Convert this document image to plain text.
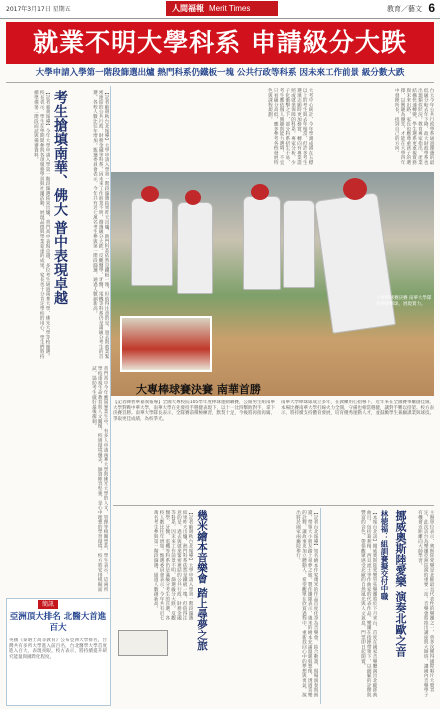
2017年3月17日 星期五	人間福報 Merit Times	教育／藝文 6
就業不明大學科系 申請級分大跌
大學申請入學第一階段篩選出爐 熱門科系仍鐵板一塊 公共行政等科系 因未來工作前景 級分數大跌
考生搶填南華、佛大 普中表現卓越
【記者嘉義報導】今年大學申請入學第一階段篩選結果出爐，普門高中表現卓越，多位考生通過南華大學、佛光大學等校篩選。校長表示，學生在學期間參與各項服務學習與社團活動，展現品德與學業並重的成果，家長也十分肯定學校的用心，學生們將持續準備第二階段面試與備審資料。
普門高中今年應屆畢業生中，有多人申請南華大學與佛光大學的人文、管理等相關學系，學生表示，這兩所學校重視生命教育與人文關懷，校園環境優美，師資陣容堅強，是心中理想的學習環境。校方將安排模擬面試，協助考生做好最後衝刺。
【記者蘇劍秋台北報導】大學申請入學第一階段篩選結果昨天出爐，熱門科系依然是鐵板一塊，但值得注意的是，過去與就業緊密連結的公共行政、財務金融等科系，因未來工作前景不明，篩選級分大跌。反觀醫學、牙醫、電機等科系仍是滿級分考生的首選，各校人數比往年增加。甄選委員會表示，今年共有近七萬名考生參與第一階段篩選，通過人數創新高。	大考中心統計，今年學測成績在五標以上的考生與去年相當，但許多考生選填志願時更加務實，轉向有專業證照或就業保障的科系。專家分析，少子化衝擊之下，部分科系招生不易，考生應依個人興趣與能力選填，不宜只看級分高低，應多參考各校發展特色與課程規劃。	台大今年公共行政學系通過篩選的最低級分較去年下降，政大財政學系也出現類似狀況。教育專家指出，產業結構快速轉變，學生選系更重視實務與未來出路，家長也應尊重孩子的選擇，以興趣為優先，才能在大學四年中發揮所長，找到自己的方向。
大專棒球賽決賽 南華大學隊員揮棒擊球，展現實力。
大專棒球賽決賽 南華首勝
【記者陳智華嘉義報導】全國大專校院105學年度棒球運動聯賽，公開男生組南華大學對戰中華大學，南華大學在先發投手穩健表現下，以十一比四擊敗對手，拿下決賽首勝。南華大學隊長表示，全隊賽前積極練習，默契十足，今後將再接再厲，爭取更佳成績，為校爭光。
南華大學棒球隊成立多年，在教練用心指導下，近年來在全國賽事屢創佳績。本場比賽南華大學打線火力全開，守備也相當穩健，讓對手難以招架。校方表示，將持續支持體育發展，培育優秀運動人才，並鼓勵學生兼顧課業與球技。
挪威奧斯陸愛樂 演奏北歐之音
林徳福：組訓賽擬交付中職
【本報台北訊】挪威奧斯陸愛樂管弦樂團將於下月來台，首度在國家音樂廳演出北歐經典曲目，包括葛利格、西貝流士等作曲家的代表作品。樂團在指揮帶領下，以細膩的詮釋與豐富的音色，帶領觀眾感受北歐的自然風光與人文氣息，門票即日起開賣。	主辦單位表示，奧斯陸愛樂是北歐最具代表性的樂團之一，曾多次獲得國際唱片大獎肯定，此次訪台為樂團亞洲巡演的重要一站。音樂會將推出講座與大師班，讓國內音樂學子有機會近距離向大師學習。
幾米繪本音樂會 踏上尋夢之旅	【記者台北報導】知名繪本作家幾米的作品首度化身為音樂會，結合動畫、現場演奏與朗讀，帶領大小朋友踏上尋夢之旅。製作團隊表示，幾米的繪本充滿溫暖與想像，透過音樂的詮釋，讓故事更加立體動人，希望觀眾在欣賞過程中，重新找回心中的夢想與勇氣，演出將於國家兩廳院舉行。
【記者蘇劍秋台北報導】大學申請入學第一階段篩選結果昨天出爐，熱門科系依然是鐵板一塊，但值得注意的是，過去與就業緊密連結的公共行政、財務金融等科系，因未來工作前景不明，篩選級分大跌。反觀醫學、牙醫、電機等科系仍是滿級分考生的首選，各校人數比往年增加。甄選委員會表示，今年共有近七萬名考生參與第一階段篩選，通過人數創新高。
簡訊
亞洲頂大排名 北醫大首進百大
英國《泰晤士高等教育》公布亞洲大學排名，台灣共有多所大學進入前百名，台北醫學大學首度進入百大，表現亮眼。校方表示，將持續提升研究能量與國際化程度。
